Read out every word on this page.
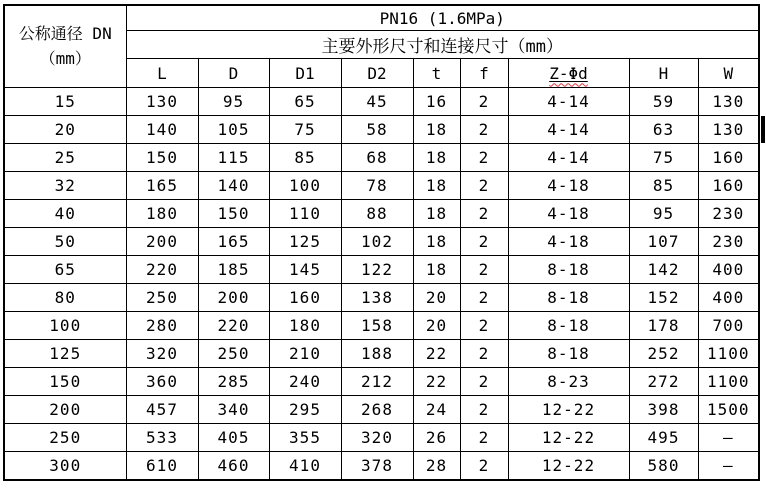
公称通径 DN
（mm）	PN16 (1.6MPa)								
	主要外形尺寸和连接尺寸（mm）								
	L	D	D1	D2	t	f	Z-Φd	H	W
15	130	95	65	45	16	2	4-14	59	130
20	140	105	75	58	18	2	4-14	63	130
25	150	115	85	68	18	2	4-14	75	160
32	165	140	100	78	18	2	4-18	85	160
40	180	150	110	88	18	2	4-18	95	230
50	200	165	125	102	18	2	4-18	107	230
65	220	185	145	122	18	2	8-18	142	400
80	250	200	160	138	20	2	8-18	152	400
100	280	220	180	158	20	2	8-18	178	700
125	320	250	210	188	22	2	8-18	252	1100
150	360	285	240	212	22	2	8-23	272	1100
200	457	340	295	268	24	2	12-22	398	1500
250	533	405	355	320	26	2	12-22	495	–
300	610	460	410	378	28	2	12-22	580	–
